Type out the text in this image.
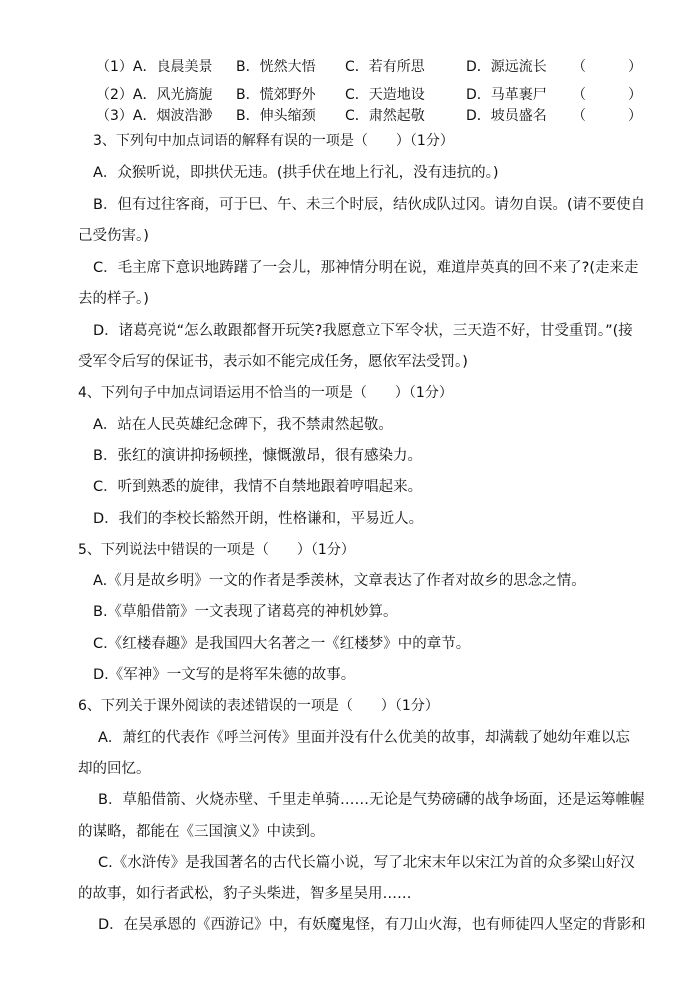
（1）A．良晨美景 B．恍然大悟 C．若有所思	D．源远流长 （　　　）
（2）A．风光旖旎 B．慌郊野外 C．天造地设	D．马革裹尸 （　　　）
（3）A．烟波浩渺 B．伸头缩颈 C．肃然起敬	D．坡员盛名 （　　　）
3、下列句中加点词语的解释有误的一项是（　　）（1分）
A．众猴听说，即拱伏无违。(拱手伏在地上行礼，没有违抗的。)
B．但有过往客商，可于巳、午、未三个时辰，结伙成队过冈。请勿自误。(请不要使自
己受伤害。)
C．毛主席下意识地踌躇了一会儿，那神情分明在说，难道岸英真的回不来了?(走来走
去的样子。)
D．诸葛亮说“怎么敢跟都督开玩笑?我愿意立下军令状，三天造不好，甘受重罚。”(接
受军令后写的保证书，表示如不能完成任务，愿依军法受罚。)
4、下列句子中加点词语运用不恰当的一项是（　　）（1分）
A．站在人民英雄纪念碑下，我不禁肃然起敬。
B．张红的演讲抑扬顿挫，慷慨激昂，很有感染力。
C．听到熟悉的旋律，我情不自禁地跟着哼唱起来。
D．我们的李校长豁然开朗，性格谦和，平易近人。
5、下列说法中错误的一项是（　　）（1分）
A.《月是故乡明》一文的作者是季羡林，文章表达了作者对故乡的思念之情。
B.《草船借箭》一文表现了诸葛亮的神机妙算。
C.《红楼春趣》是我国四大名著之一《红楼梦》中的章节。
D.《军神》一文写的是将军朱德的故事。
6、下列关于课外阅读的表述错误的一项是（　　）（1分）
A．萧红的代表作《呼兰河传》里面并没有什么优美的故事，却满载了她幼年难以忘
却的回忆。
B．草船借箭、火烧赤壁、千里走单骑……无论是气势磅礴的战争场面，还是运筹帷幄
的谋略，都能在《三国演义》中读到。
C.《水浒传》是我国著名的古代长篇小说，写了北宋末年以宋江为首的众多梁山好汉
的故事，如行者武松，豹子头柴进，智多星吴用……
D．在吴承恩的《西游记》中，有妖魔鬼怪，有刀山火海，也有师徒四人坚定的背影和
